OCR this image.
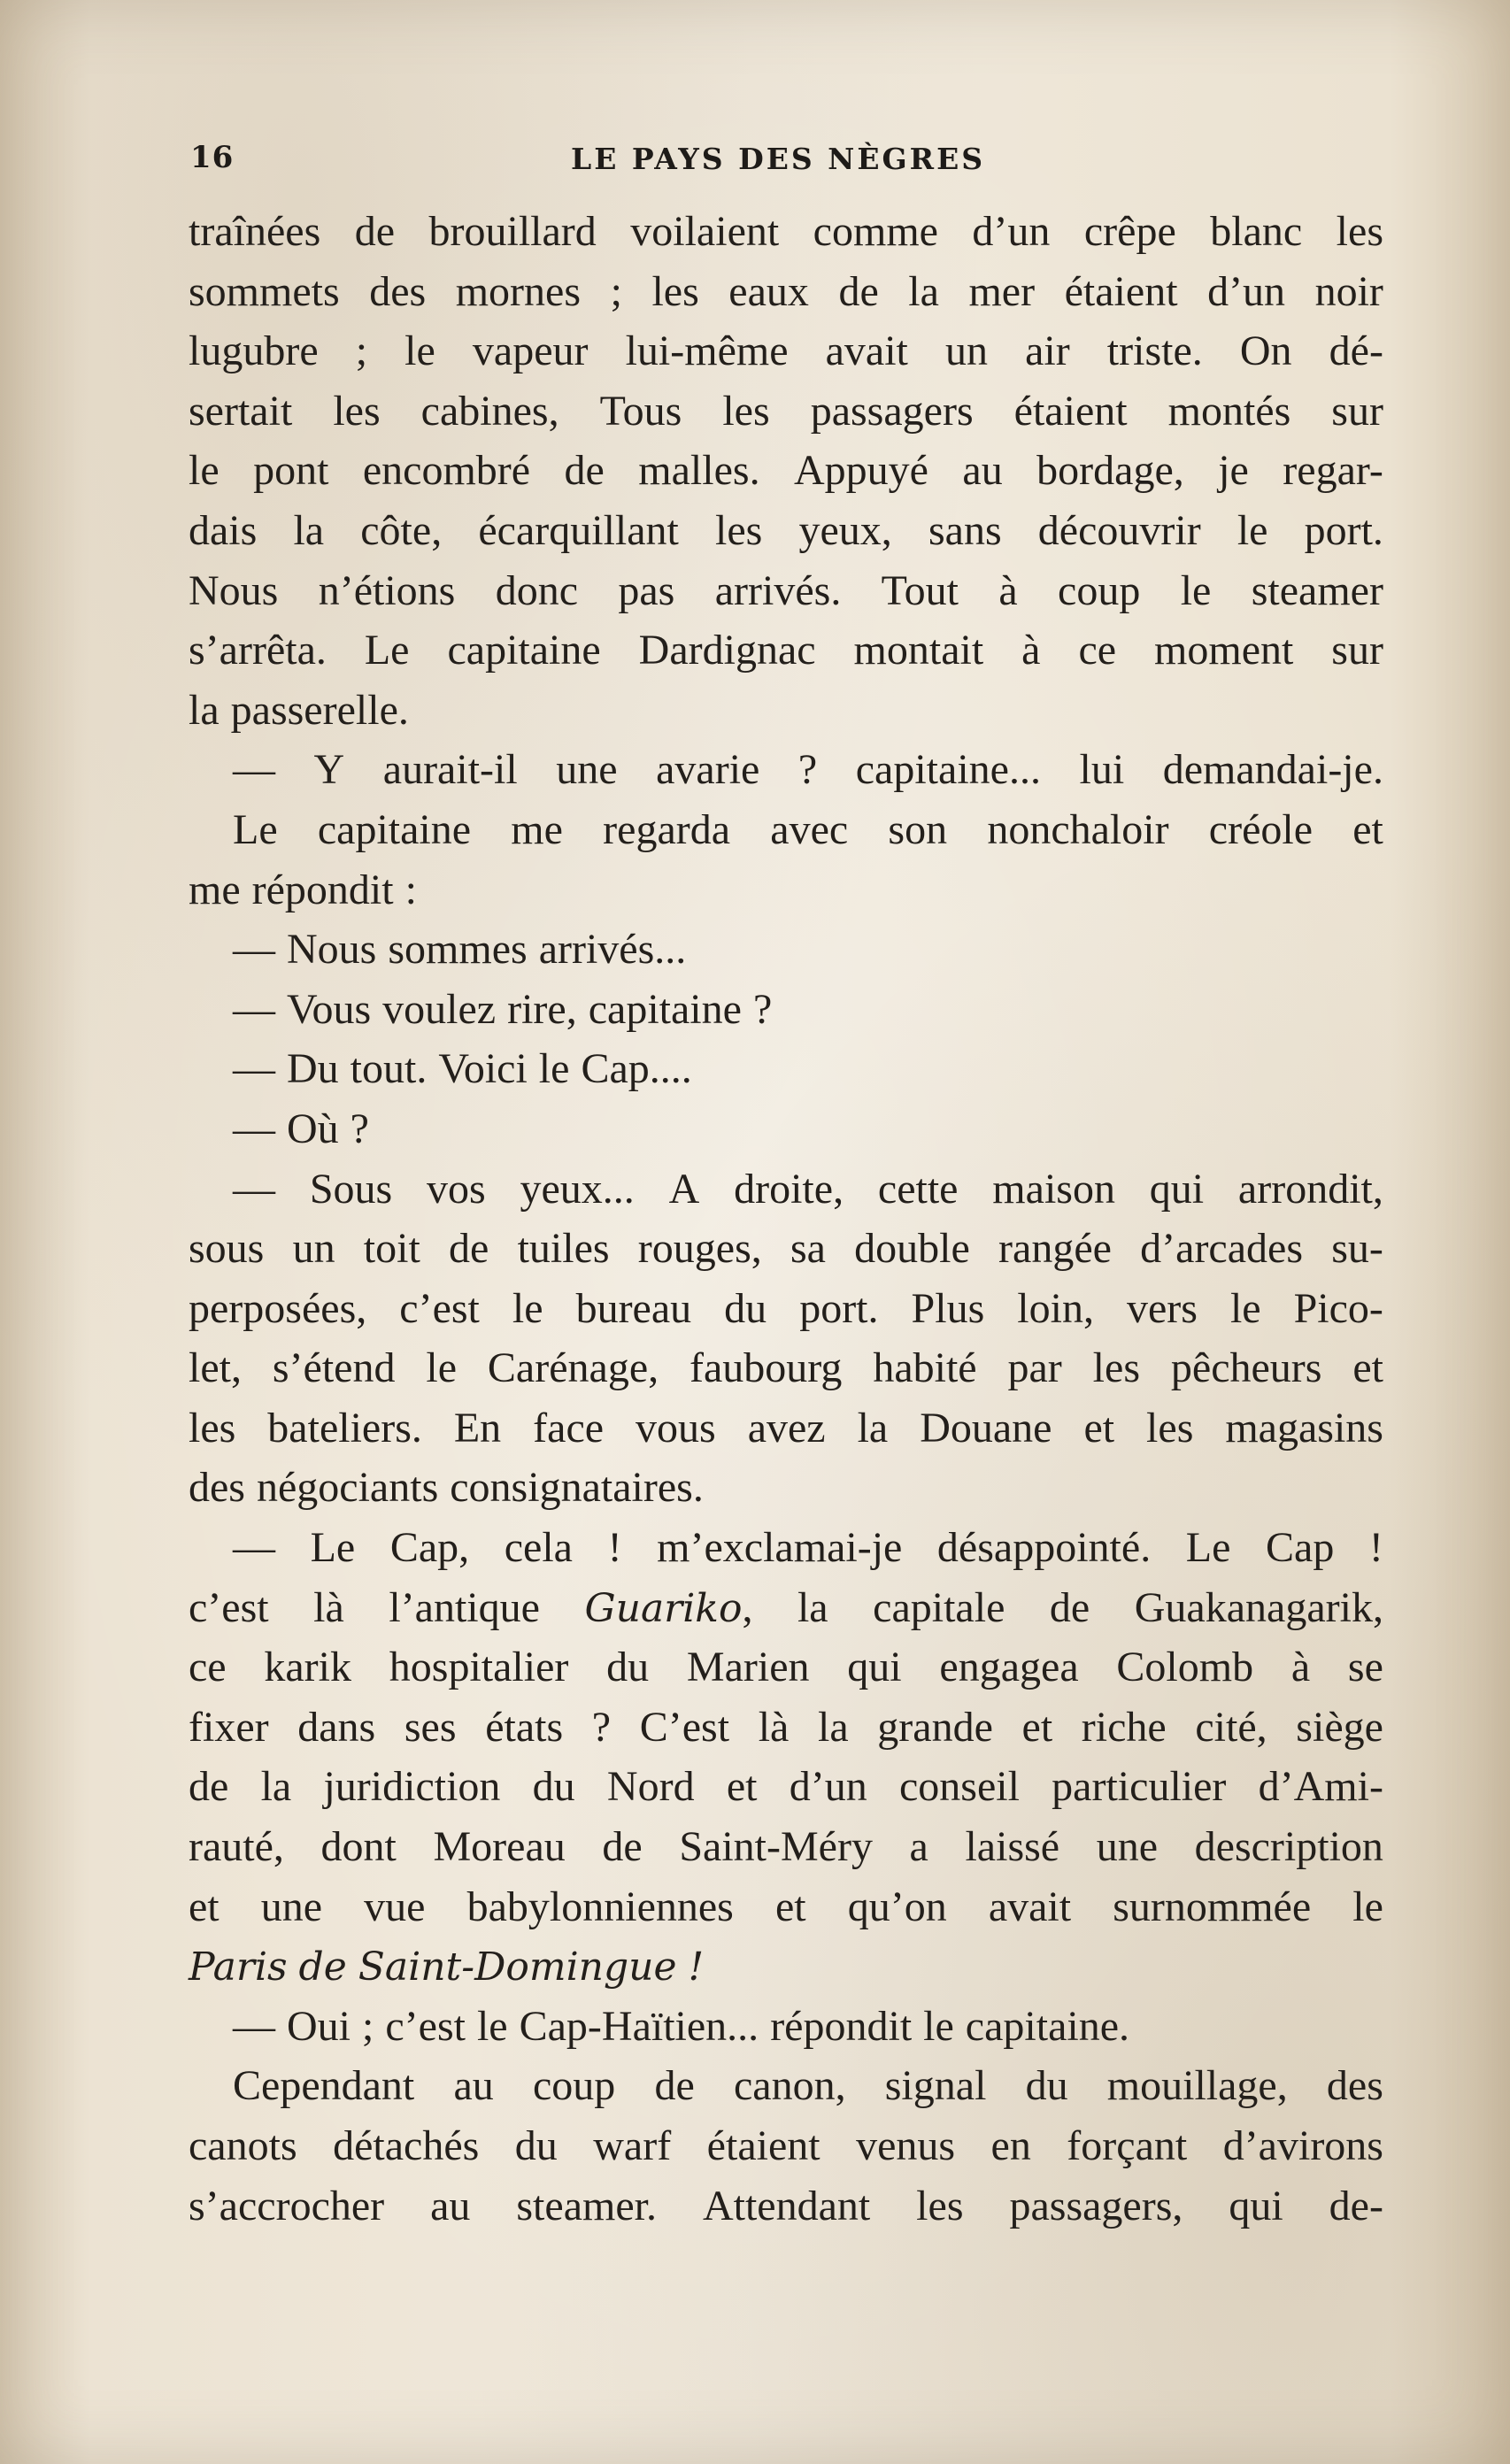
16	LE PAYS DES NÈGRES
traînées de brouillard voilaient comme d’un crêpe blanc les
sommets des mornes ; les eaux de la mer étaient d’un noir
lugubre ; le vapeur lui-même avait un air triste. On dé-
sertait les cabines, Tous les passagers étaient montés sur
le pont encombré de malles. Appuyé au bordage, je regar-
dais la côte, écarquillant les yeux, sans découvrir le port.
Nous n’étions donc pas arrivés. Tout à coup le steamer
s’arrêta. Le capitaine Dardignac montait à ce moment sur
la passerelle.
— Y aurait-il une avarie ? capitaine... lui demandai-je.
Le capitaine me regarda avec son nonchaloir créole et
me répondit :
— Nous sommes arrivés...
— Vous voulez rire, capitaine ?
— Du tout. Voici le Cap....
— Où ?
— Sous vos yeux... A droite, cette maison qui arrondit,
sous un toit de tuiles rouges, sa double rangée d’arcades su-
perposées, c’est le bureau du port. Plus loin, vers le Pico-
let, s’étend le Carénage, faubourg habité par les pêcheurs et
les bateliers. En face vous avez la Douane et les magasins
des négociants consignataires.
— Le Cap, cela ! m’exclamai-je désappointé. Le Cap !
c’est là l’antique Guariko, la capitale de Guakanagarik,
ce karik hospitalier du Marien qui engagea Colomb à se
fixer dans ses états ? C’est là la grande et riche cité, siège
de la juridiction du Nord et d’un conseil particulier d’Ami-
rauté, dont Moreau de Saint-Méry a laissé une description
et une vue babylonniennes et qu’on avait surnommée le
Paris de Saint-Domingue !
— Oui ; c’est le Cap-Haïtien... répondit le capitaine.
Cependant au coup de canon, signal du mouillage, des
canots détachés du warf étaient venus en forçant d’avirons
s’accrocher au steamer. Attendant les passagers, qui de-
